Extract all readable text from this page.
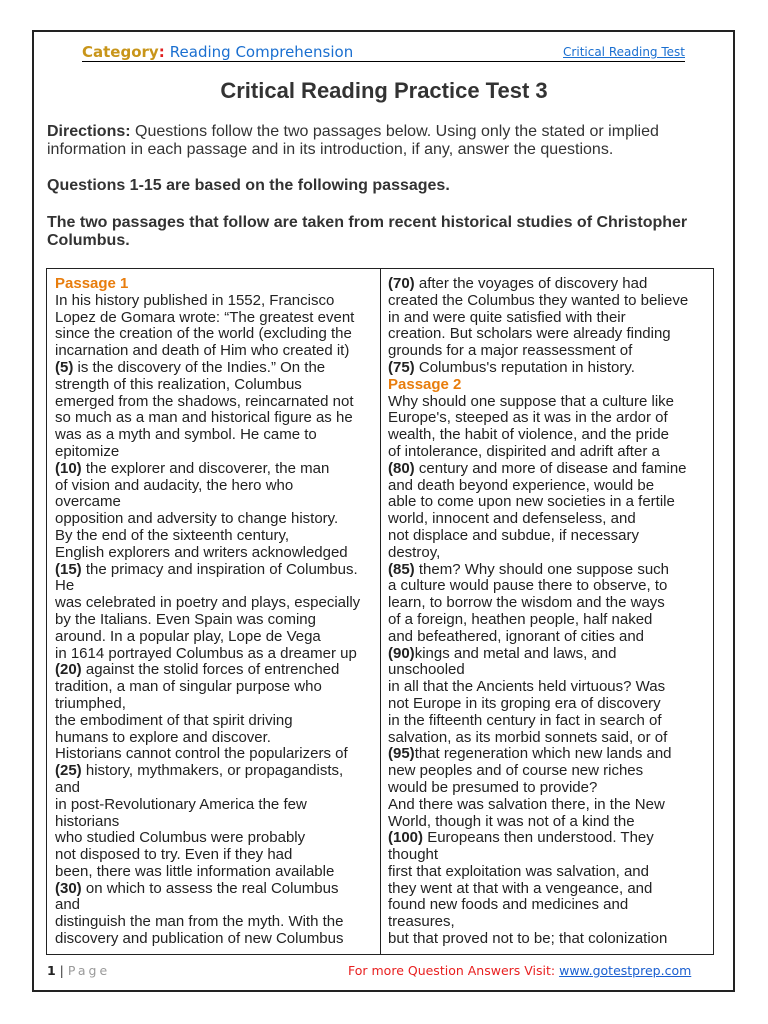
Category: Reading Comprehension	Critical Reading Test
Critical Reading Practice Test 3
Directions: Questions follow the two passages below. Using only the stated or implied information in each passage and in its introduction, if any, answer the questions.
Questions 1-15 are based on the following passages.
The two passages that follow are taken from recent historical studies of Christopher Columbus.
Passage 1
In his history published in 1552, Francisco
Lopez de Gomara wrote: “The greatest event
since the creation of the world (excluding the
incarnation and death of Him who created it)
(5) is the discovery of the Indies.” On the
strength of this realization, Columbus
emerged from the shadows, reincarnated not
so much as a man and historical figure as he
was as a myth and symbol. He came to
epitomize
(10) the explorer and discoverer, the man
of vision and audacity, the hero who
overcame
opposition and adversity to change history.
By the end of the sixteenth century,
English explorers and writers acknowledged
(15) the primacy and inspiration of Columbus.
He
was celebrated in poetry and plays, especially
by the Italians. Even Spain was coming
around. In a popular play, Lope de Vega
in 1614 portrayed Columbus as a dreamer up
(20) against the stolid forces of entrenched
tradition, a man of singular purpose who
triumphed,
the embodiment of that spirit driving
humans to explore and discover.
Historians cannot control the popularizers of
(25) history, mythmakers, or propagandists,
and
in post-Revolutionary America the few
historians
who studied Columbus were probably
not disposed to try. Even if they had
been, there was little information available
(30) on which to assess the real Columbus
and
distinguish the man from the myth. With the
discovery and publication of new Columbus
(70) after the voyages of discovery had
created the Columbus they wanted to believe
in and were quite satisfied with their
creation. But scholars were already finding
grounds for a major reassessment of
(75) Columbus's reputation in history.
Passage 2
Why should one suppose that a culture like
Europe's, steeped as it was in the ardor of
wealth, the habit of violence, and the pride
of intolerance, dispirited and adrift after a
(80) century and more of disease and famine
and death beyond experience, would be
able to come upon new societies in a fertile
world, innocent and defenseless, and
not displace and subdue, if necessary
destroy,
(85) them? Why should one suppose such
a culture would pause there to observe, to
learn, to borrow the wisdom and the ways
of a foreign, heathen people, half naked
and befeathered, ignorant of cities and
(90)kings and metal and laws, and
unschooled
in all that the Ancients held virtuous? Was
not Europe in its groping era of discovery
in the fifteenth century in fact in search of
salvation, as its morbid sonnets said, or of
(95)that regeneration which new lands and
new peoples and of course new riches
would be presumed to provide?
And there was salvation there, in the New
World, though it was not of a kind the
(100) Europeans then understood. They
thought
first that exploitation was salvation, and
they went at that with a vengeance, and
found new foods and medicines and
treasures,
but that proved not to be; that colonization
1 | Page	For more Question Answers Visit: www.gotestprep.com
